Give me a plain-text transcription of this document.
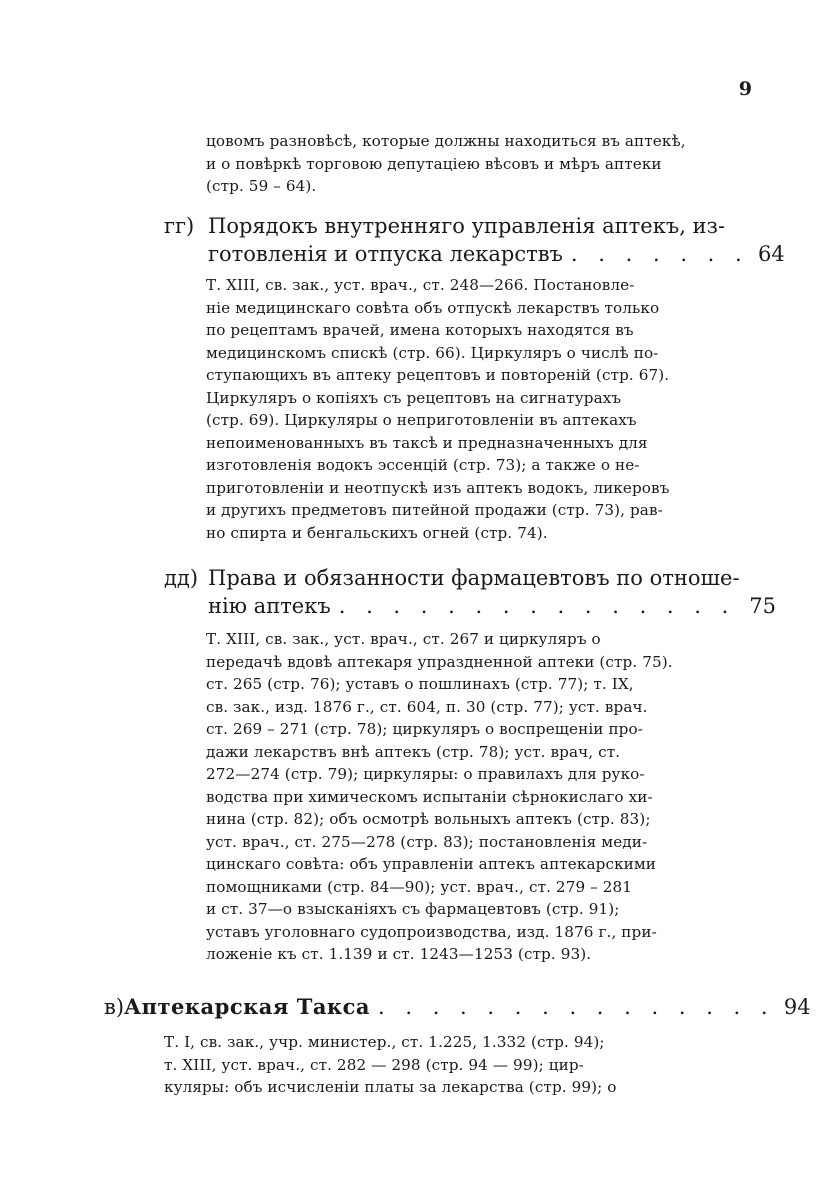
9

цовомъ разновѣсѣ, которые должны находиться въ аптекѣ,

и о повѣркѣ торговою депутаціею вѣсовъ и мѣръ аптеки

(стр. 59 – 64).

гг) Порядокъ внутренняго управленія аптекъ, из-
готовленія и отпуска лекарствъ . . . . . . . 64

Т. XIII, св. зак., уст. врач., ст. 248—266. Постановле-

ніе медицинскаго совѣта объ отпускѣ лекарствъ только

по рецептамъ врачей, имена которыхъ находятся въ

медицинскомъ спискѣ (стр. 66). Циркуляръ о числѣ по-

ступающихъ въ аптеку рецептовъ и повтореній (стр. 67).

Циркуляръ о копіяхъ съ рецептовъ на сигнатурахъ

(стр. 69). Циркуляры о неприготовленіи въ аптекахъ

непоименованныхъ въ таксѣ и предназначенныхъ для

изготовленія водокъ эссенцій (стр. 73); а также о не-

приготовленіи и неотпускѣ изъ аптекъ водокъ, ликеровъ

и другихъ предметовъ питейной продажи (стр. 73), рав-

но спирта и бенгальскихъ огней (стр. 74).

дд) Права и обязанности фармацевтовъ по отноше-
нію аптекъ . . . . . . . . . . . . . . . 75

Т. XIII, св. зак., уст. врач., ст. 267 и циркуляръ о

передачѣ вдовѣ аптекаря упраздненной аптеки (стр. 75).

ст. 265 (стр. 76); уставъ о пошлинахъ (стр. 77); т. IX,

св. зак., изд. 1876 г., ст. 604, п. 30 (стр. 77); уст. врач.

ст. 269 – 271 (стр. 78); циркуляръ о воспрещеніи про-

дажи лекарствъ внѣ аптекъ (стр. 78); уст. врач, ст.

272—274 (стр. 79); циркуляры: о правилахъ для руко-

водства при химическомъ испытаніи сѣрнокислаго хи-

нина (стр. 82); объ осмотрѣ вольныхъ аптекъ (стр. 83);

уст. врач., ст. 275—278 (стр. 83); постановленія меди-

цинскаго совѣта: объ управленіи аптекъ аптекарскими

помощниками (стр. 84—90); уст. врач., ст. 279 – 281

и ст. 37—о взысканіяхъ съ фармацевтовъ (стр. 91);

уставъ уголовнаго судопроизводства, изд. 1876 г., при-

ложеніе къ ст. 1.139 и ст. 1243—1253 (стр. 93).

в) Аптекарская Такса . . . . . . . . . . . . . . . 94

Т. I, св. зак., учр. министер., ст. 1.225, 1.332 (стр. 94);

т. XIII, уст. врач., ст. 282 — 298 (стр. 94 — 99); цир-

куляры: объ исчисленіи платы за лекарства (стр. 99); о
